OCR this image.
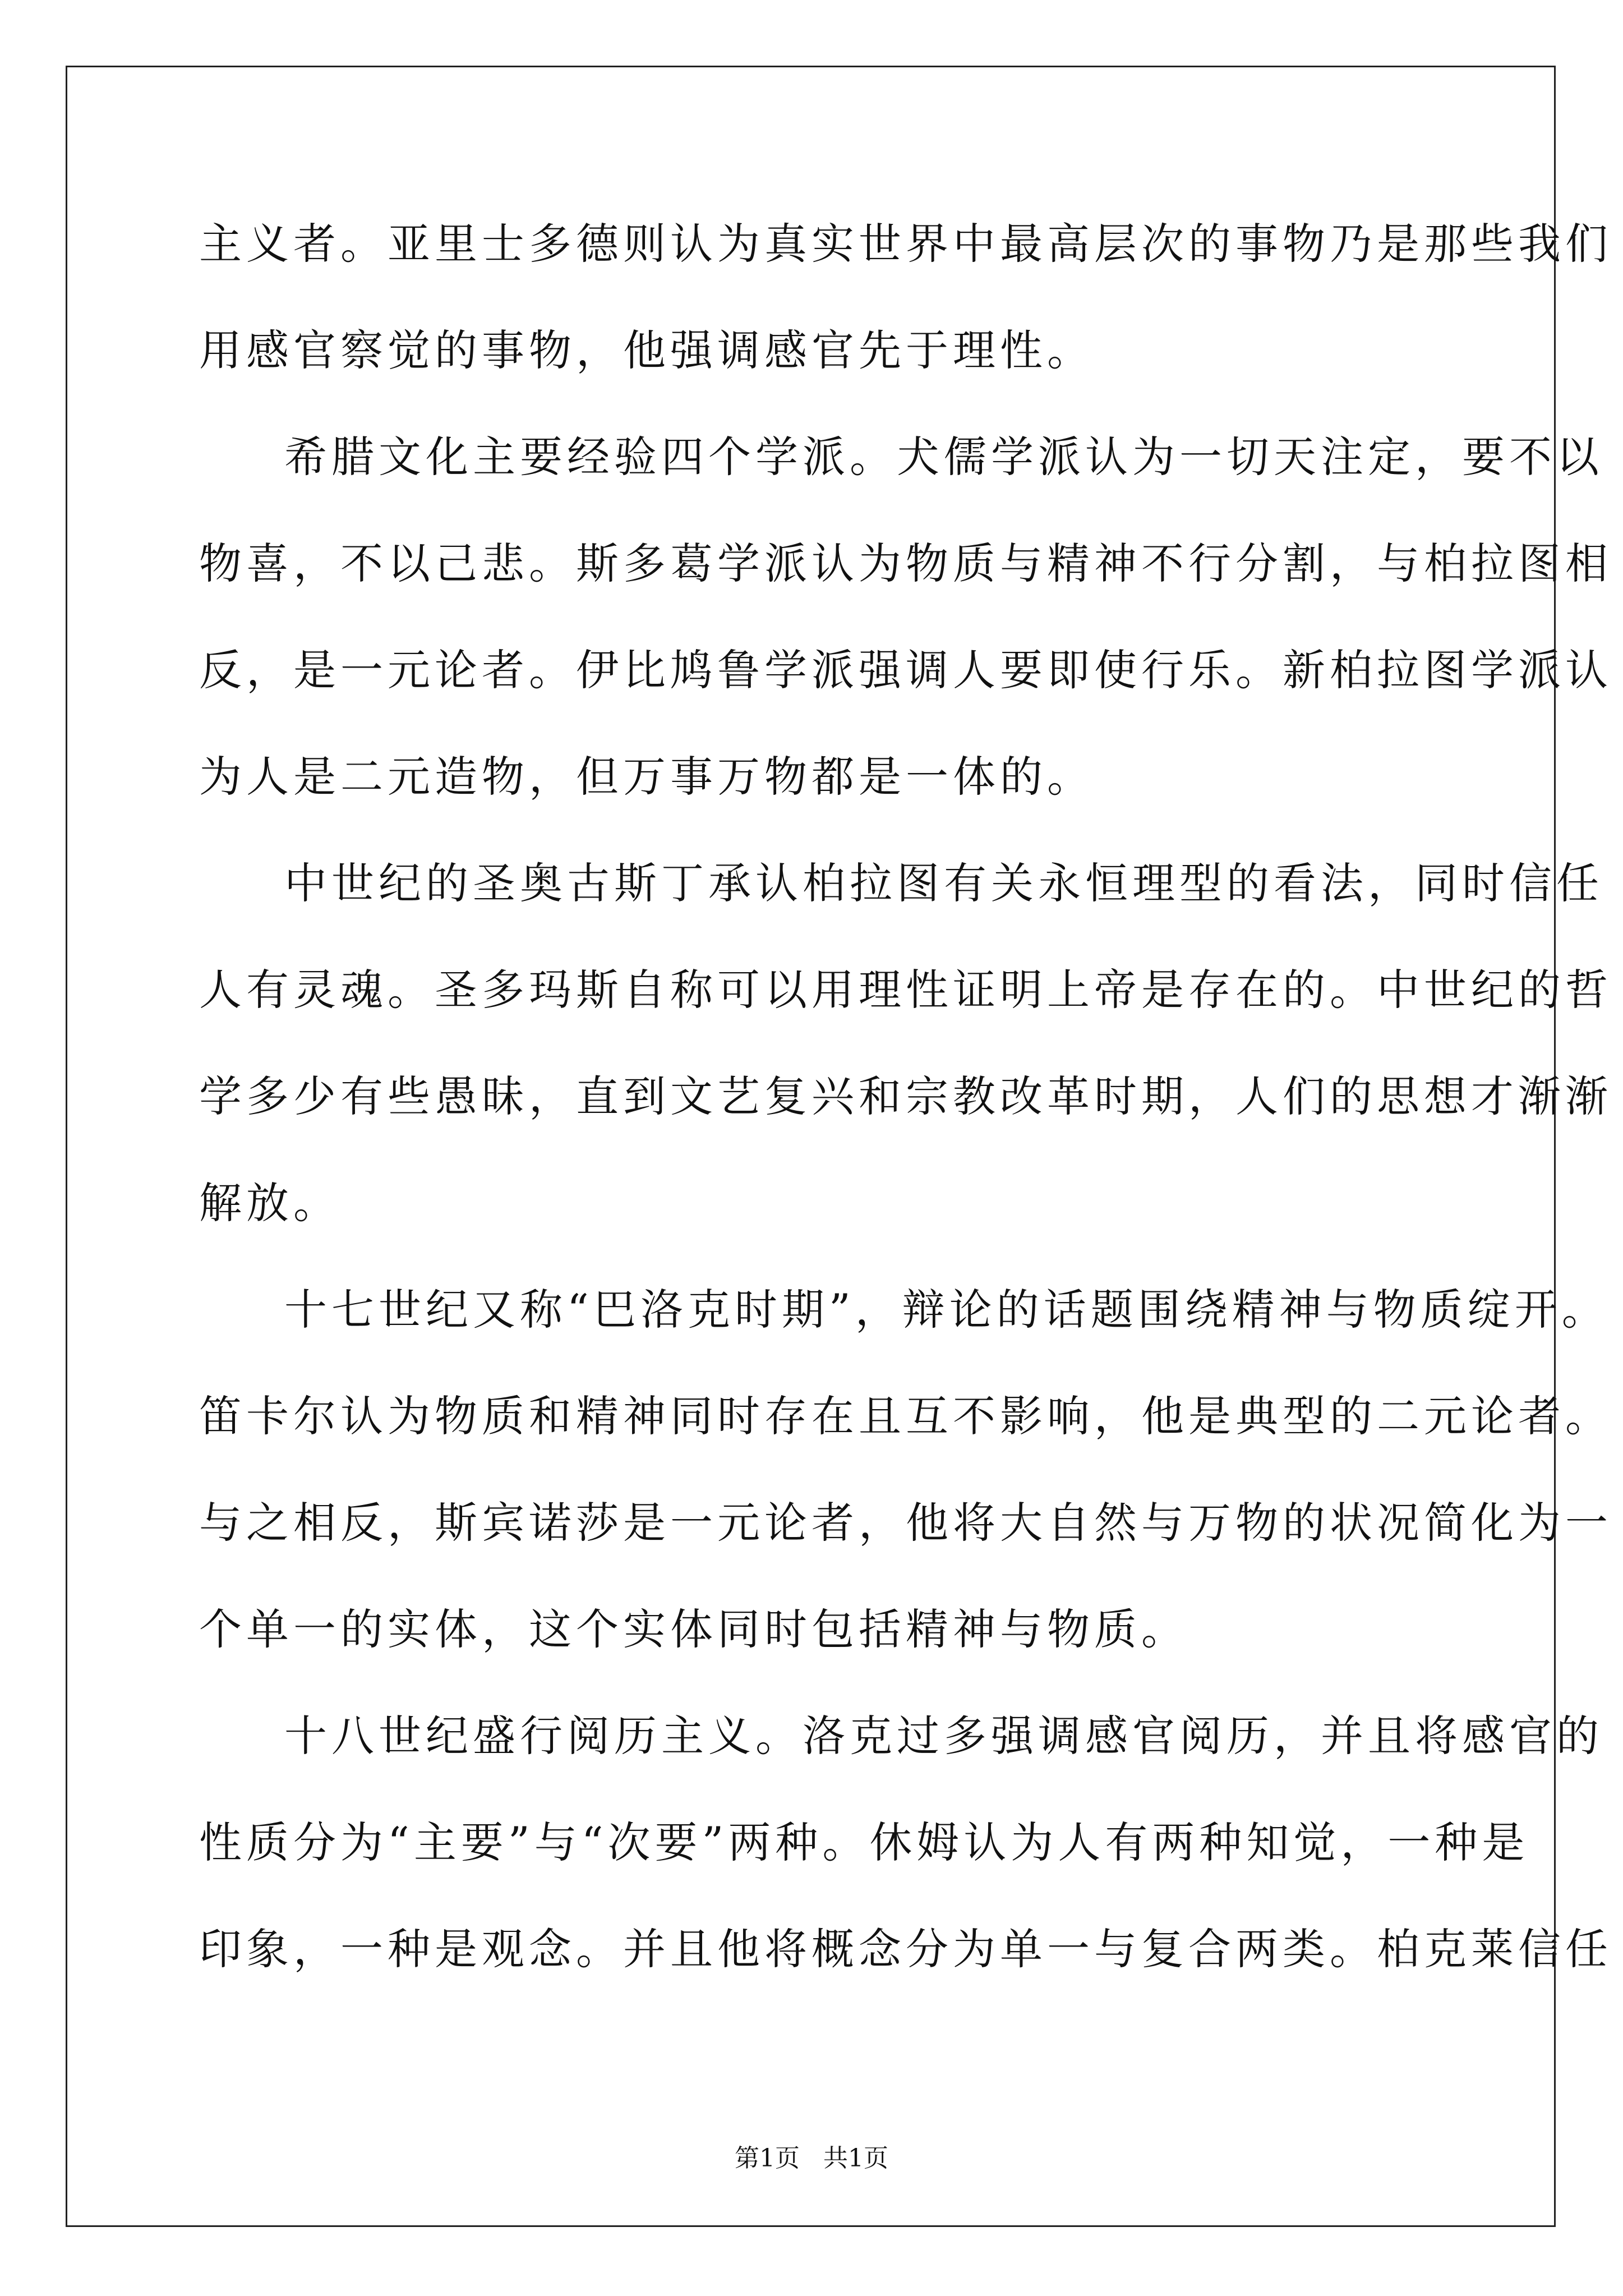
主义者。亚里士多德则认为真实世界中最高层次的事物乃是那些我们
用感官察觉的事物，他强调感官先于理性。
希腊文化主要经验四个学派。犬儒学派认为一切天注定，要不以
物喜，不以己悲。斯多葛学派认为物质与精神不行分割，与柏拉图相
反，是一元论者。伊比鸠鲁学派强调人要即使行乐。新柏拉图学派认
为人是二元造物，但万事万物都是一体的。
中世纪的圣奥古斯丁承认柏拉图有关永恒理型的看法，同时信任
人有灵魂。圣多玛斯自称可以用理性证明上帝是存在的。中世纪的哲
学多少有些愚昧，直到文艺复兴和宗教改革时期，人们的思想才渐渐
解放。
十七世纪又称“巴洛克时期”，辩论的话题围绕精神与物质绽开。
笛卡尔认为物质和精神同时存在且互不影响，他是典型的二元论者。
与之相反，斯宾诺莎是一元论者，他将大自然与万物的状况简化为一
个单一的实体，这个实体同时包括精神与物质。
十八世纪盛行阅历主义。洛克过多强调感官阅历，并且将感官的
性质分为“主要”与“次要”两种。休姆认为人有两种知觉，一种是
印象，一种是观念。并且他将概念分为单一与复合两类。柏克莱信任
第1页   共1页
